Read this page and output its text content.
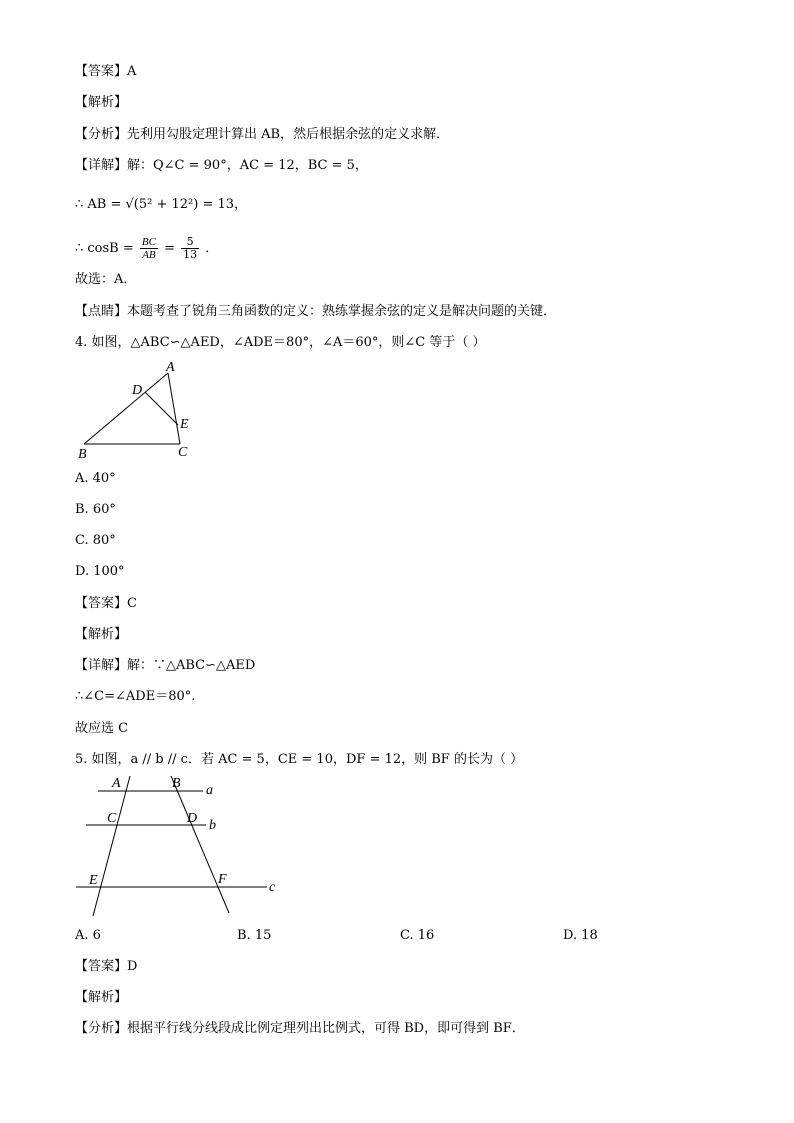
【答案】A
【解析】
【分析】先利用勾股定理计算出 AB，然后根据余弦的定义求解．
【详解】解：Q∠C = 90°，AC = 12，BC = 5，
∴ AB = √(5² + 12²) = 13，
∴ $\cos B = \frac{BC}{AB} = \frac{5}{13}$ ．
故选：A．
【点睛】本题考查了锐角三角函数的定义：熟练掌握余弦的定义是解决问题的关键．
4. 如图，△ABC∽△AED，∠ADE＝80°，∠A＝60°，则∠C 等于（ ）
A
D
E
B	C
A. 40°
B. 60°
C. 80°
D. 100°
【答案】C
【解析】
【详解】解：∵△ABC∽△AED
∴∠C=∠ADE＝80°.
故应选 C
5. 如图，a // b // c．若 AC = 5，CE = 10，DF = 12，则 BF 的长为（ ）
A	B a
C	D b
E	F
c
A. 6	B. 15	C. 16	D. 18
【答案】D
【解析】
【分析】根据平行线分线段成比例定理列出比例式，可得 BD，即可得到 BF．
